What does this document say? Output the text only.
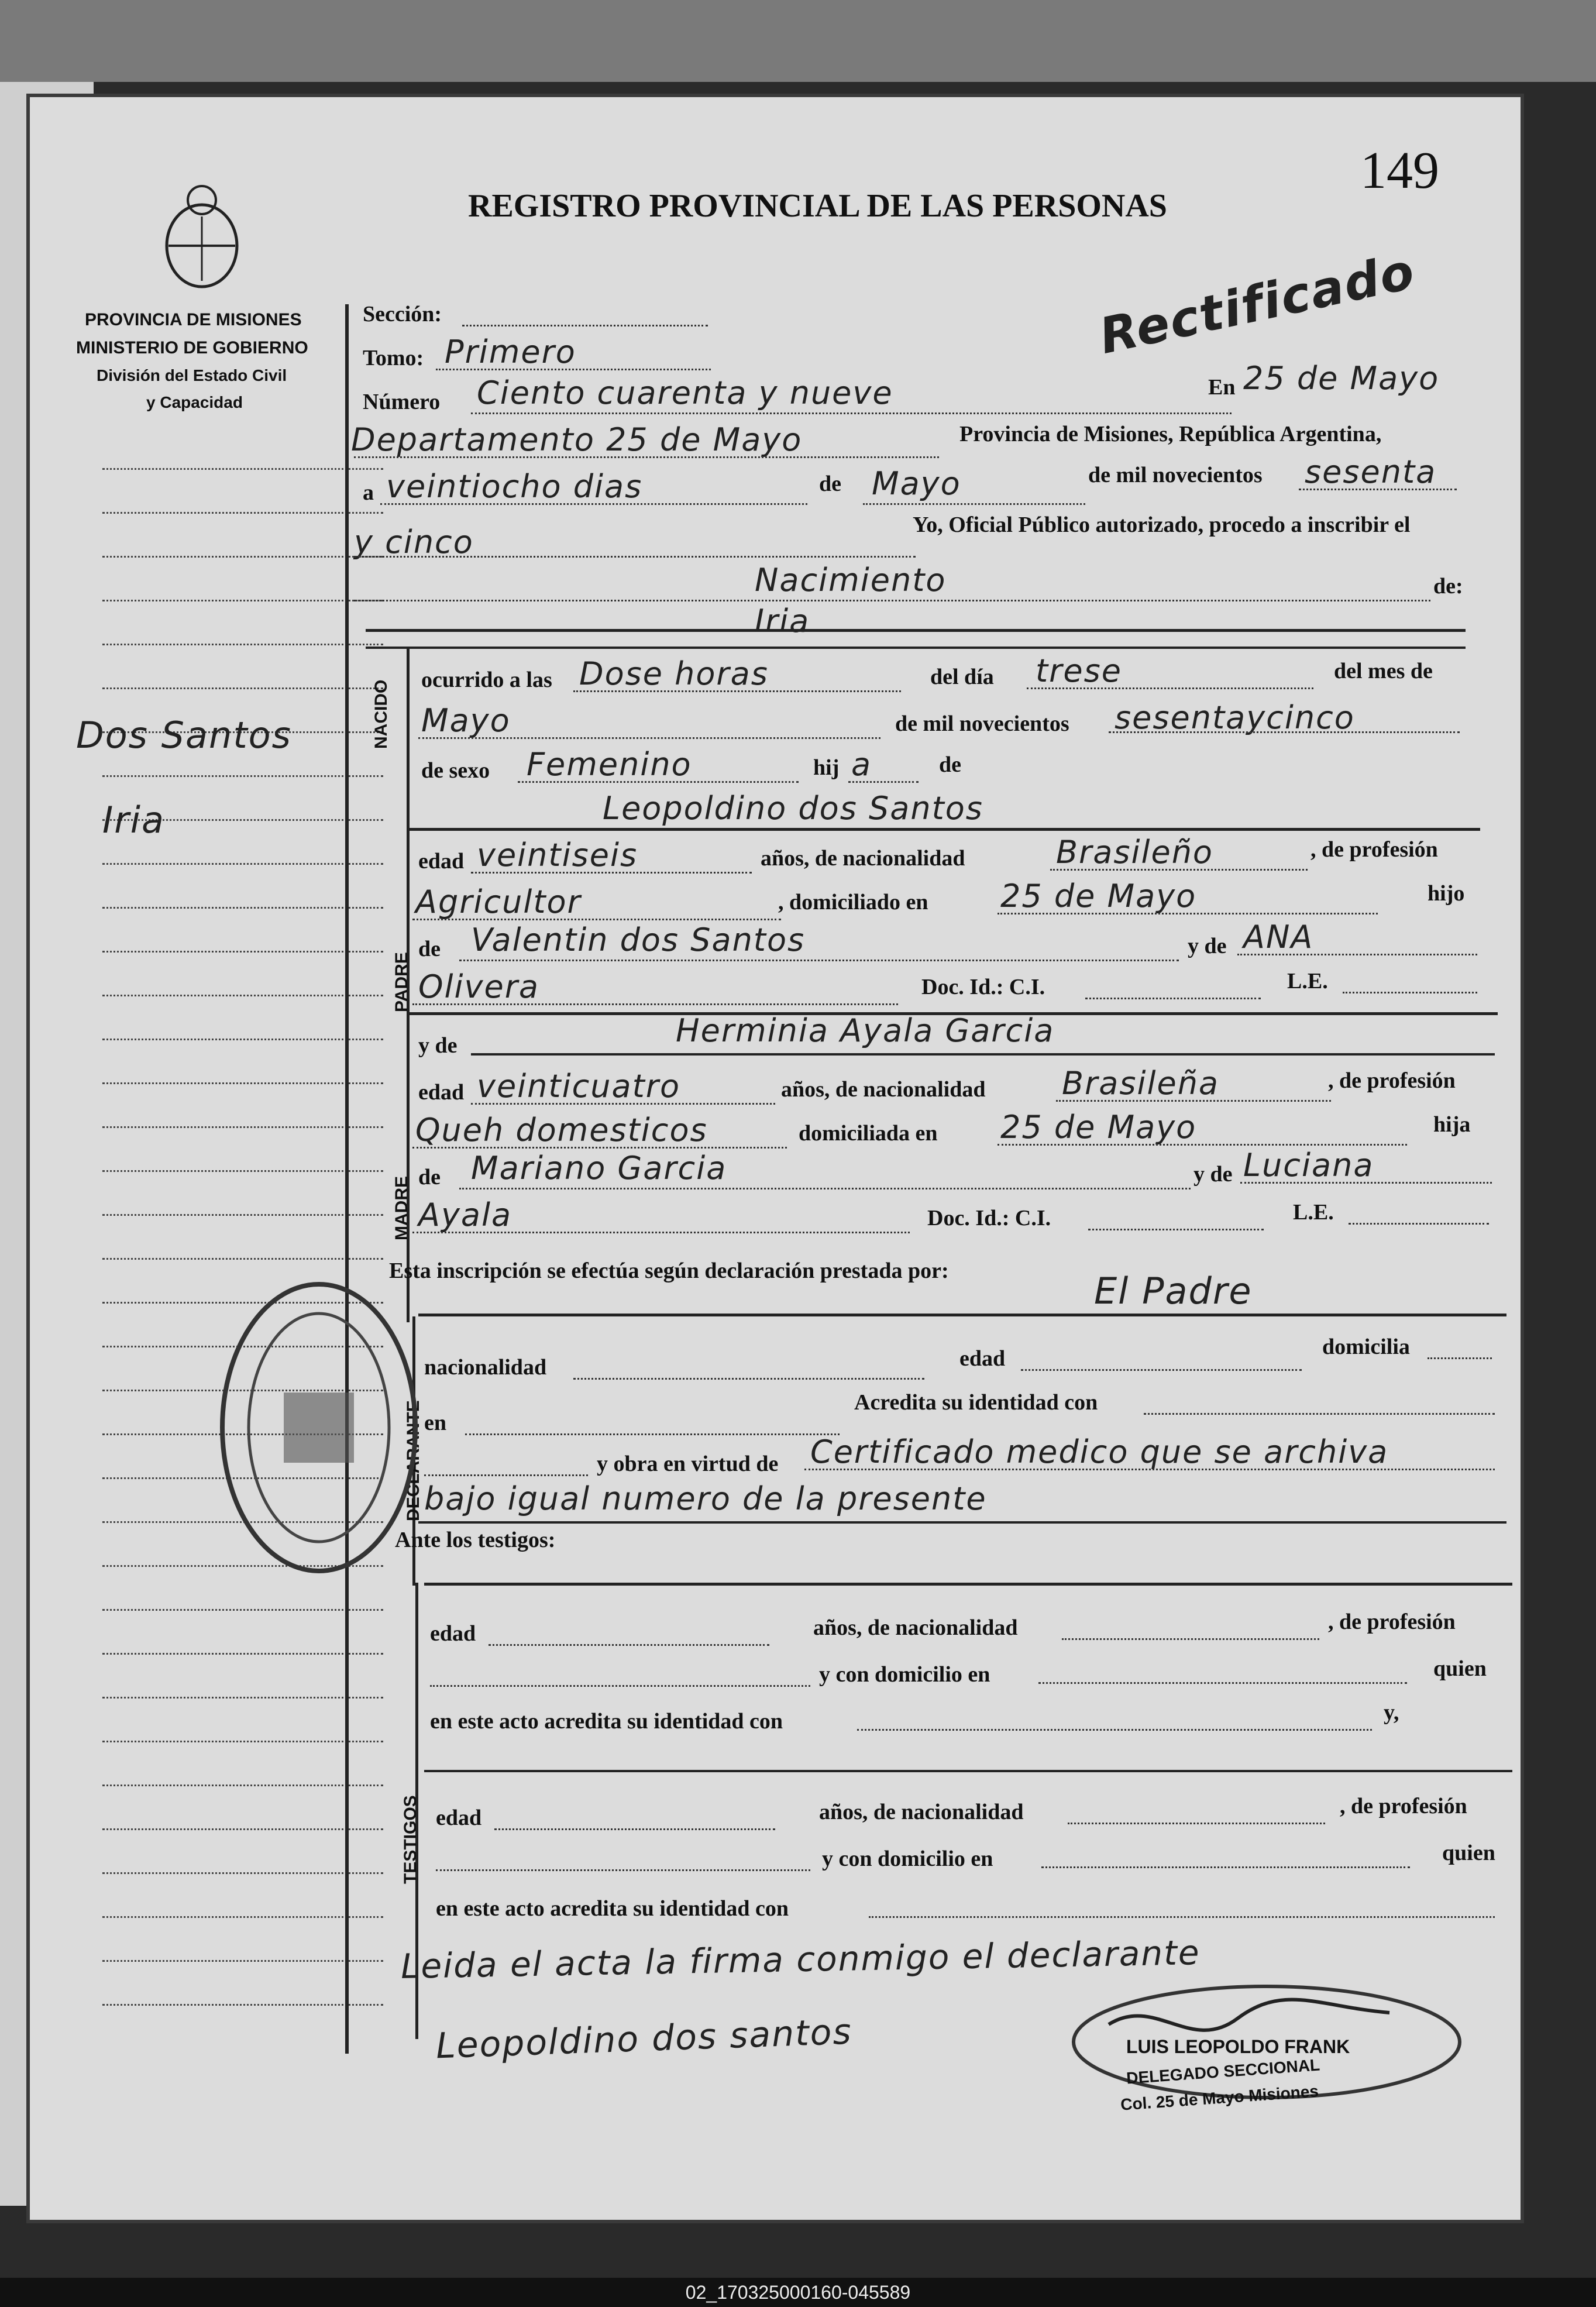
PROVINCIA DE MISIONES
MINISTERIO DE GOBIERNO
División del Estado Civil
y Capacidad
REGISTRO PROVINCIAL DE LAS PERSONAS
149
Rectificado
Dos Santos
Iria
Sección:
Tomo: Primero
Número Ciento cuarenta y nueve	En 25 de Mayo
Departamento 25 de Mayo	Provincia de Misiones, República Argentina,
a veintiocho dias	de Mayo	de mil novecientos sesenta
y cinco	Yo, Oficial Público autorizado, procedo a inscribir el
Nacimiento	de:
Iria
NACIDO ocurrido a las Dose horas	del día trese	del mes de
Mayo	de mil novecientos sesentaycinco
de sexo Femenino	hij a	de
Leopoldino dos Santos
PADRE
edad veintiseis	años, de nacionalidad	Brasileño	, de profesión
Agricultor	, domiciliado en 25 de Mayo	hijo
de Valentin dos Santos	y de ANA
Olivera	Doc. Id.: C.I.	L.E.
y de	Herminia Ayala Garcia
MADRE
edad veinticuatro	años, de nacionalidad Brasileña	, de profesión
Queh domesticos	domiciliada en 25 de Mayo	hija
de Mariano Garcia	y de Luciana
Ayala	Doc. Id.: C.I.	L.E.
Esta inscripción se efectúa según declaración prestada por:	El Padre
DECLARANTE
nacionalidad	edad	domicilia
en
Acredita su identidad con
y obra en virtud de Certificado medico que se archiva
bajo igual numero de la presente
Ante los testigos:
TESTIGOS
edad	años, de nacionalidad	, de profesión
y con domicilio en	quien
en este acto acredita su identidad con	y,
edad	años, de nacionalidad	, de profesión
y con domicilio en	quien
en este acto acredita su identidad con
Leida el acta la firma conmigo el declarante
Leopoldino dos santos	LUIS LEOPOLDO FRANK
DELEGADO SECCIONAL
Col. 25 de Mayo Misiones
02_170325000160-045589
